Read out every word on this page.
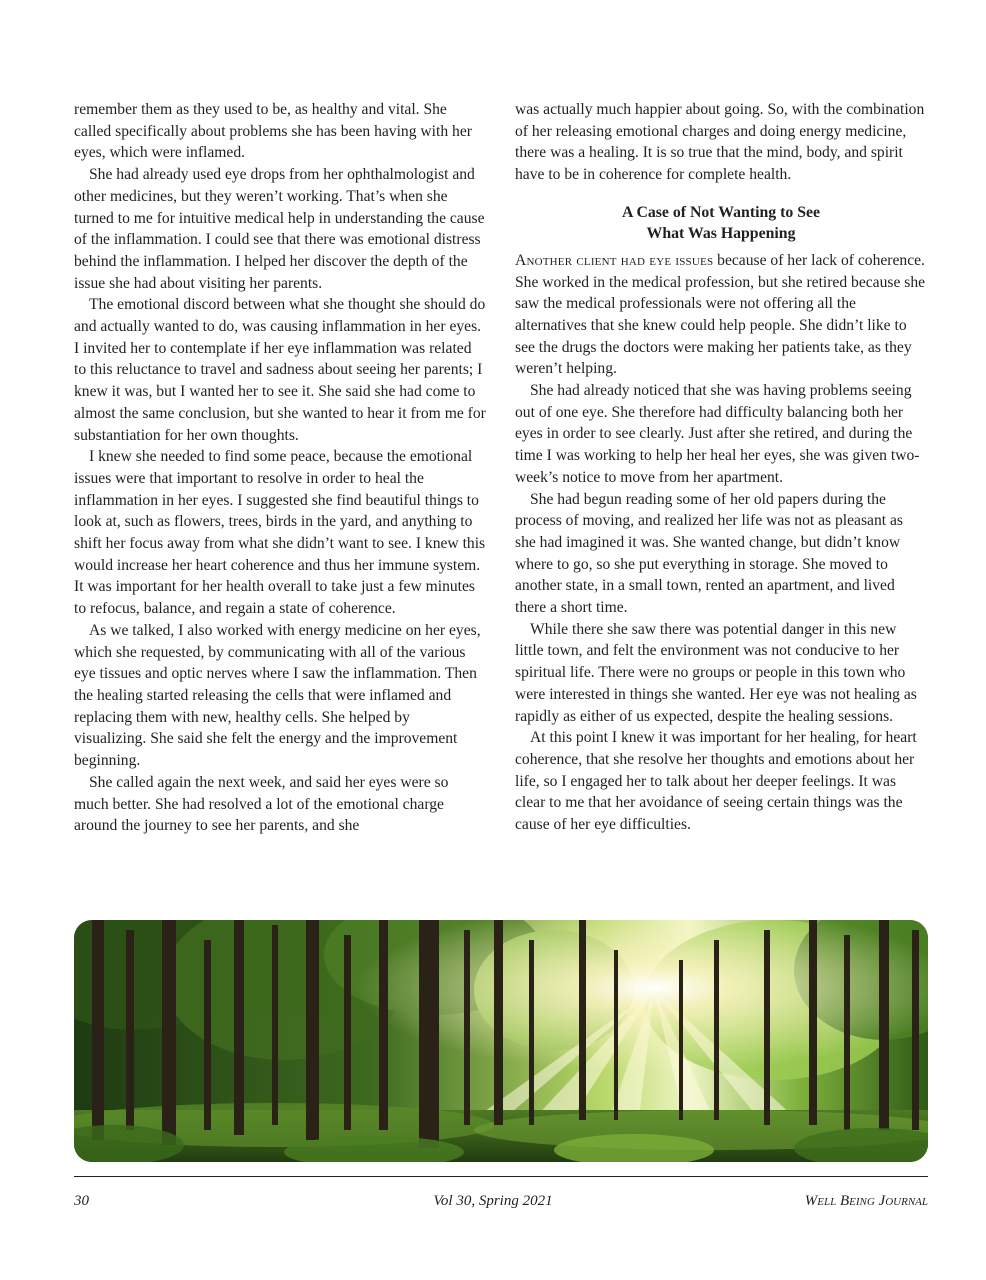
remember them as they used to be, as healthy and vital. She called specifically about problems she has been having with her eyes, which were inflamed.

She had already used eye drops from her ophthalmologist and other medicines, but they weren’t working. That’s when she turned to me for intuitive medical help in understanding the cause of the inflammation. I could see that there was emotional distress behind the inflammation. I helped her discover the depth of the issue she had about visiting her parents.

The emotional discord between what she thought she should do and actually wanted to do, was causing inflammation in her eyes. I invited her to contemplate if her eye inflammation was related to this reluctance to travel and sadness about seeing her parents; I knew it was, but I wanted her to see it. She said she had come to almost the same conclusion, but she wanted to hear it from me for substantiation for her own thoughts.

I knew she needed to find some peace, because the emotional issues were that important to resolve in order to heal the inflammation in her eyes. I suggested she find beautiful things to look at, such as flowers, trees, birds in the yard, and anything to shift her focus away from what she didn’t want to see. I knew this would increase her heart coherence and thus her immune system. It was important for her health overall to take just a few minutes to refocus, balance, and regain a state of coherence.

As we talked, I also worked with energy medicine on her eyes, which she requested, by communicating with all of the various eye tissues and optic nerves where I saw the inflammation. Then the healing started releasing the cells that were inflamed and replacing them with new, healthy cells. She helped by visualizing. She said she felt the energy and the improvement beginning.

She called again the next week, and said her eyes were so much better. She had resolved a lot of the emotional charge around the journey to see her parents, and she

was actually much happier about going. So, with the combination of her releasing emotional charges and doing energy medicine, there was a healing. It is so true that the mind, body, and spirit have to be in coherence for complete health.

A Case of Not Wanting to See
What Was Happening

Another client had eye issues because of her lack of coherence. She worked in the medical profession, but she retired because she saw the medical professionals were not offering all the alternatives that she knew could help people. She didn’t like to see the drugs the doctors were making her patients take, as they weren’t helping.

She had already noticed that she was having problems seeing out of one eye. She therefore had difficulty balancing both her eyes in order to see clearly. Just after she retired, and during the time I was working to help her heal her eyes, she was given two-week’s notice to move from her apartment.

She had begun reading some of her old papers during the process of moving, and realized her life was not as pleasant as she had imagined it was. She wanted change, but didn’t know where to go, so she put everything in storage. She moved to another state, in a small town, rented an apartment, and lived there a short time.

While there she saw there was potential danger in this new little town, and felt the environment was not conducive to her spiritual life. There were no groups or people in this town who were interested in things she wanted. Her eye was not healing as rapidly as either of us expected, despite the healing sessions.

At this point I knew it was important for her healing, for heart coherence, that she resolve her thoughts and emotions about her life, so I engaged her to talk about her deeper feelings. It was clear to me that her avoidance of seeing certain things was the cause of her eye difficulties.

30	Vol 30, Spring 2021	Well Being Journal
